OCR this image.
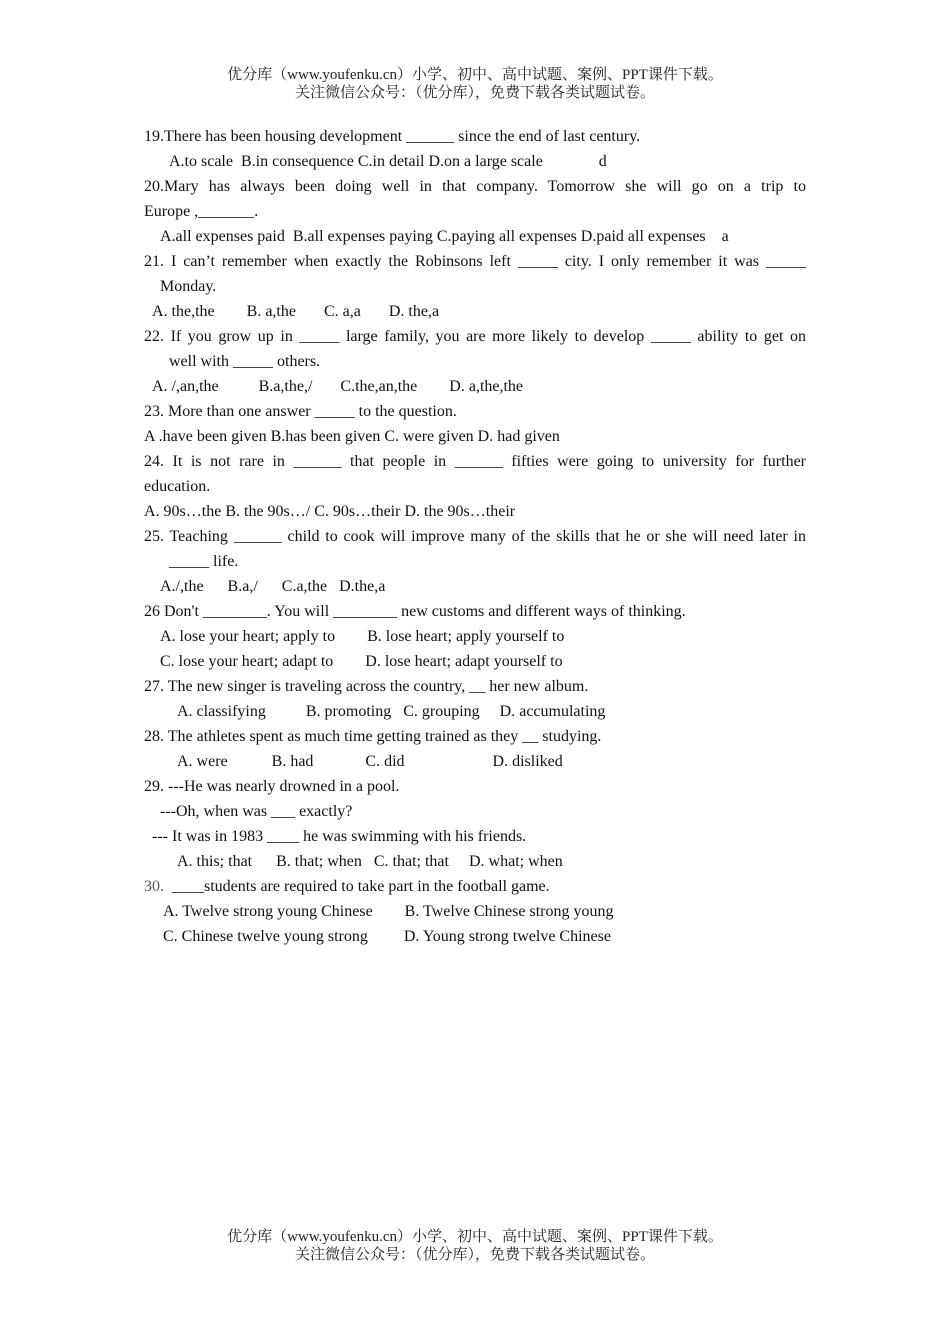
优分库（www.youfenku.cn）小学、初中、高中试题、案例、PPT课件下载。
关注微信公众号：（优分库），免费下载各类试题试卷。
19.There has been housing development ______ since the end of last century.
A.to scale  B.in consequence C.in detail D.on a large scale              d
20.Mary has always been doing well in that company. Tomorrow she will go on a trip to
Europe ,_______.
A.all expenses paid  B.all expenses paying C.paying all expenses D.paid all expenses    a
21. I can’t remember when exactly the Robinsons left _____ city. I only remember it was _____
Monday.
A. the,the        B. a,the       C. a,a       D. the,a
22. If you grow up in _____ large family, you are more likely to develop _____ ability to get on
well with _____ others.
A. /,an,the          B.a,the,/       C.the,an,the        D. a,the,the
23. More than one answer _____ to the question.
A .have been given B.has been given C. were given D. had given
24. It is not rare in ______ that people in ______ fifties were going to university for further
education.
A. 90s…the B. the 90s…/ C. 90s…their D. the 90s…their
25. Teaching ______ child to cook will improve many of the skills that he or she will need later in
_____ life.
A./,the      B.a,/      C.a,the   D.the,a
26 Don't ________. You will ________ new customs and different ways of thinking.
A. lose your heart; apply to        B. lose heart; apply yourself to
C. lose your heart; adapt to        D. lose heart; adapt yourself to
27. The new singer is traveling across the country, __ her new album.
A. classifying          B. promoting   C. grouping     D. accumulating
28. The athletes spent as much time getting trained as they __ studying.
A. were           B. had             C. did                      D. disliked
29. ---He was nearly drowned in a pool.
---Oh, when was ___ exactly?
--- It was in 1983 ____ he was swimming with his friends.
A. this; that      B. that; when   C. that; that     D. what; when
30.  ____students are required to take part in the football game.
A. Twelve strong young Chinese        B. Twelve Chinese strong young
C. Chinese twelve young strong         D. Young strong twelve Chinese
优分库（www.youfenku.cn）小学、初中、高中试题、案例、PPT课件下载。
关注微信公众号：（优分库），免费下载各类试题试卷。
